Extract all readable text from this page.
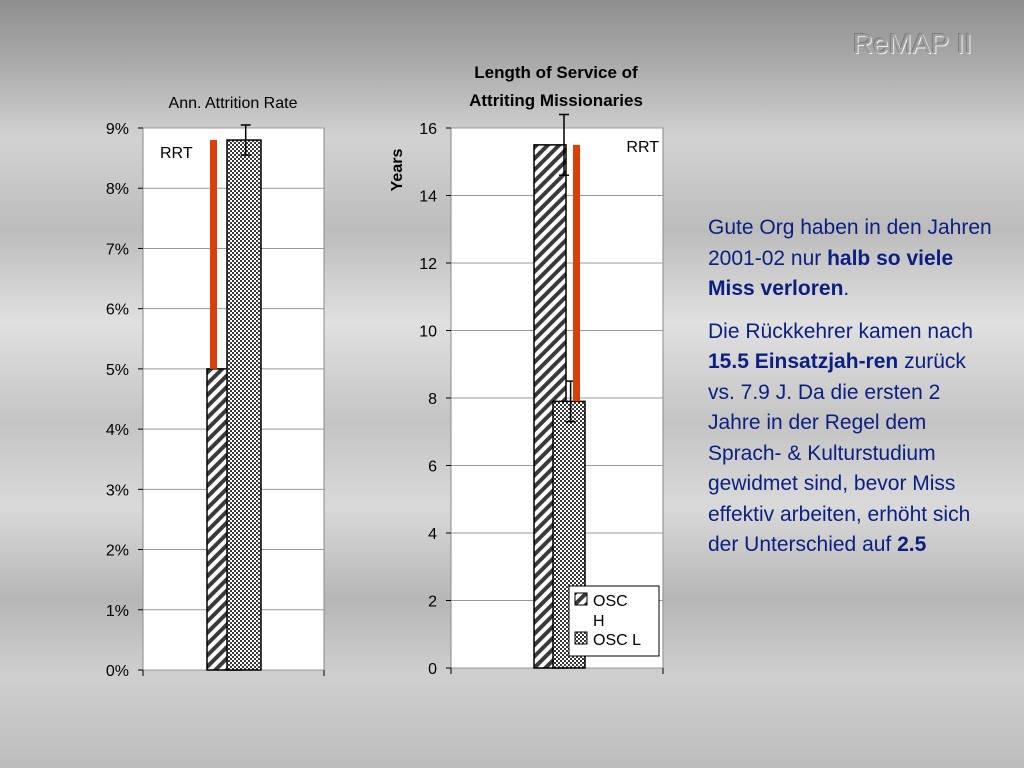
ReMAP II
Ann. Attrition Rate
0%
1%
2%
3%
4%
5%
6%
7%
8%
9%
RRT
Length of Service of
Attriting Missionaries
Years
0
2
4
6
8
10
12
14
16
RRT
OSC
H
OSC L

Gute Org haben in den Jahren 2001-02 nur halb so viele Miss verloren.

Die Rückkehrer kamen nach 15.5 Einsatzjah-ren zurück vs. 7.9 J. Da die ersten 2 Jahre in der Regel dem Sprach- & Kulturstudium gewidmet sind, bevor Miss effektiv arbeiten, erhöht sich der Unterschied auf 2.5
